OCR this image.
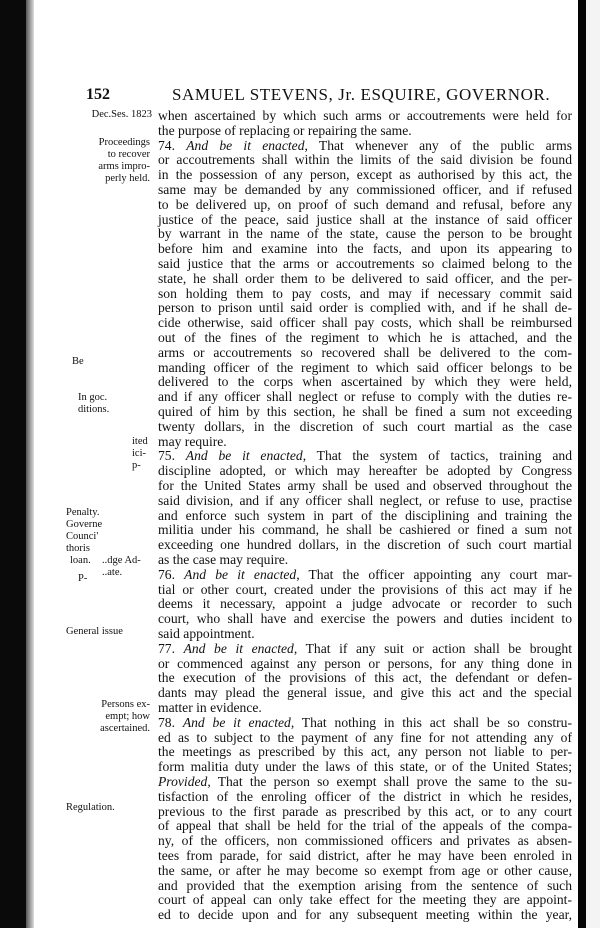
152	SAMUEL STEVENS, Jr. ESQUIRE, GOVERNOR.
Dec.Ses. 1823
Proceedings
to recover
arms impro-
perly held.
Be
In goc.
ditions.
ited
ici-
p-
Penalty.
Governe
Counci'
thoris
loan.	..dge Ad-
..ate.
P-
General issue
Persons ex-
empt; how
ascertained.
Regulation.
when ascertained by which such arms or accoutrements were held for
the purpose of replacing or repairing the same.
74. And be it enacted, That whenever any of the public arms
or accoutrements shall within the limits of the said division be found
in the possession of any person, except as authorised by this act, the
same may be demanded by any commissioned officer, and if refused
to be delivered up, on proof of such demand and refusal, before any
justice of the peace, said justice shall at the instance of said officer
by warrant in the name of the state, cause the person to be brought
before him and examine into the facts, and upon its appearing to
said justice that the arms or accoutrements so claimed belong to the
state, he shall order them to be delivered to said officer, and the per-
son holding them to pay costs, and may if necessary commit said
person to prison until said order is complied with, and if he shall de-
cide otherwise, said officer shall pay costs, which shall be reimbursed
out of the fines of the regiment to which he is attached, and the
arms or accoutrements so recovered shall be delivered to the com-
manding officer of the regiment to which said officer belongs to be
delivered to the corps when ascertained by which they were held,
and if any officer shall neglect or refuse to comply with the duties re-
quired of him by this section, he shall be fined a sum not exceeding
twenty dollars, in the discretion of such court martial as the case
may require.
75. And be it enacted, That the system of tactics, training and
discipline adopted, or which may hereafter be adopted by Congress
for the United States army shall be used and observed throughout the
said division, and if any officer shall neglect, or refuse to use, practise
and enforce such system in part of the disciplining and training the
militia under his command, he shall be cashiered or fined a sum not
exceeding one hundred dollars, in the discretion of such court martial
as the case may require.
76. And be it enacted, That the officer appointing any court mar-
tial or other court, created under the provisions of this act may if he
deems it necessary, appoint a judge advocate or recorder to such
court, who shall have and exercise the powers and duties incident to
said appointment.
77. And be it enacted, That if any suit or action shall be brought
or commenced against any person or persons, for any thing done in
the execution of the provisions of this act, the defendant or defen-
dants may plead the general issue, and give this act and the special
matter in evidence.
78. And be it enacted, That nothing in this act shall be so constru-
ed as to subject to the payment of any fine for not attending any of
the meetings as prescribed by this act, any person not liable to per-
form malitia duty under the laws of this state, or of the United States;
Provided, That the person so exempt shall prove the same to the su-
tisfaction of the enroling officer of the district in which he resides,
previous to the first parade as prescribed by this act, or to any court
of appeal that shall be held for the trial of the appeals of the compa-
ny, of the officers, non commissioned officers and privates as absen-
tees from parade, for said district, after he may have been enroled in
the same, or after he may become so exempt from age or other cause,
and provided that the exemption arising from the sentence of such
court of appeal can only take effect for the meeting they are appoint-
ed to decide upon and for any subsequent meeting within the year,
